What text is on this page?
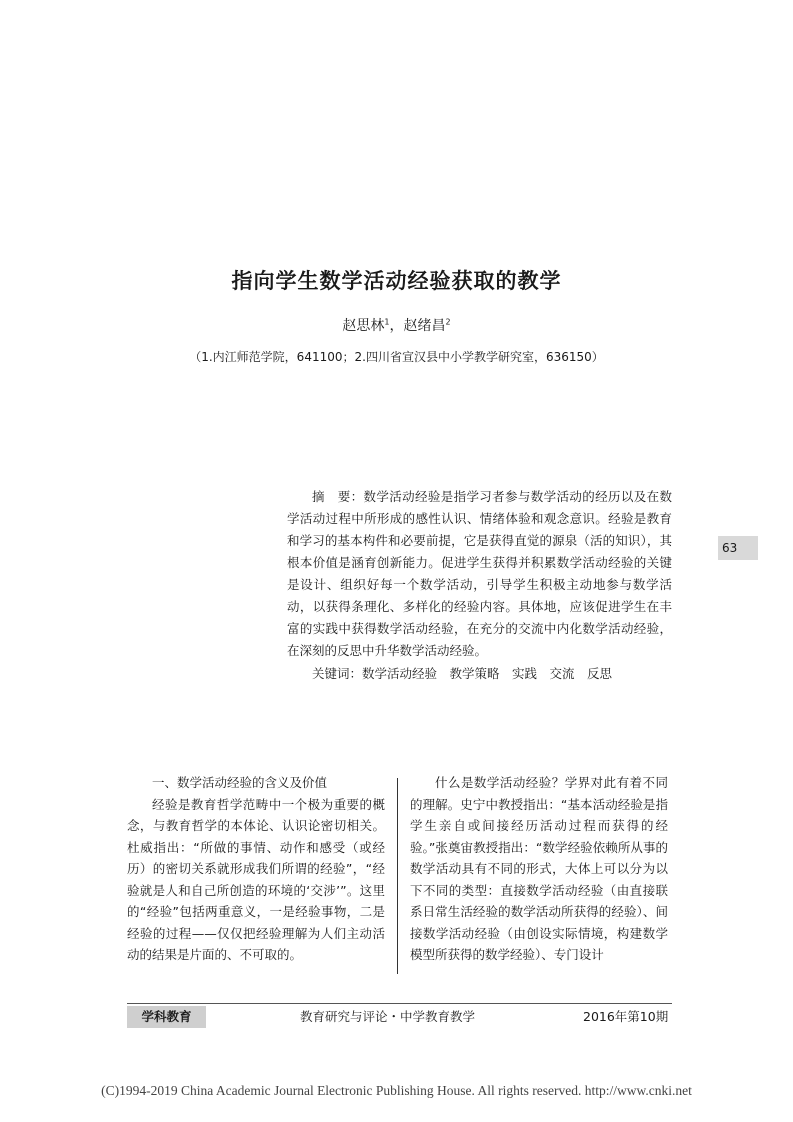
指向学生数学活动经验获取的教学
赵思林$^1$，赵绪昌$^2$
（1.内江师范学院，641100；2.四川省宣汉县中小学教学研究室，636150）
摘　要：数学活动经验是指学习者参与数学活动的经历以及在数学活动过程中所形成的感性认识、情绪体验和观念意识。经验是教育和学习的基本构件和必要前提，它是获得直觉的源泉（活的知识），其根本价值是涵育创新能力。促进学生获得并积累数学活动经验的关键是设计、组织好每一个数学活动，引导学生积极主动地参与数学活动，以获得条理化、多样化的经验内容。具体地，应该促进学生在丰富的实践中获得数学活动经验，在充分的交流中内化数学活动经验，在深刻的反思中升华数学活动经验。
关键词：数学活动经验　教学策略　实践　交流　反思
63

一、数学活动经验的含义及价值

经验是教育哲学范畴中一个极为重要的概念，与教育哲学的本体论、认识论密切相关。杜威指出：“所做的事情、动作和感受（或经历）的密切关系就形成我们所谓的经验”，“经验就是人和自己所创造的环境的‘交涉’”。这里的“经验”包括两重意义，一是经验事物，二是经验的过程——仅仅把经验理解为人们主动活动的结果是片面的、不可取的。

什么是数学活动经验？学界对此有着不同的理解。史宁中教授指出：“基本活动经验是指学生亲自或间接经历活动过程而获得的经验。”张奠宙教授指出：“数学经验依赖所从事的数学活动具有不同的形式，大体上可以分为以下不同的类型：直接数学活动经验（由直接联系日常生活经验的数学活动所获得的经验）、间接数学活动经验（由创设实际情境，构建数学模型所获得的数学经验）、专门设计

学科教育	教育研究与评论・中学教育教学	2016年第10期
(C)1994-2019 China Academic Journal Electronic Publishing House. All rights reserved. http://www.cnki.net
